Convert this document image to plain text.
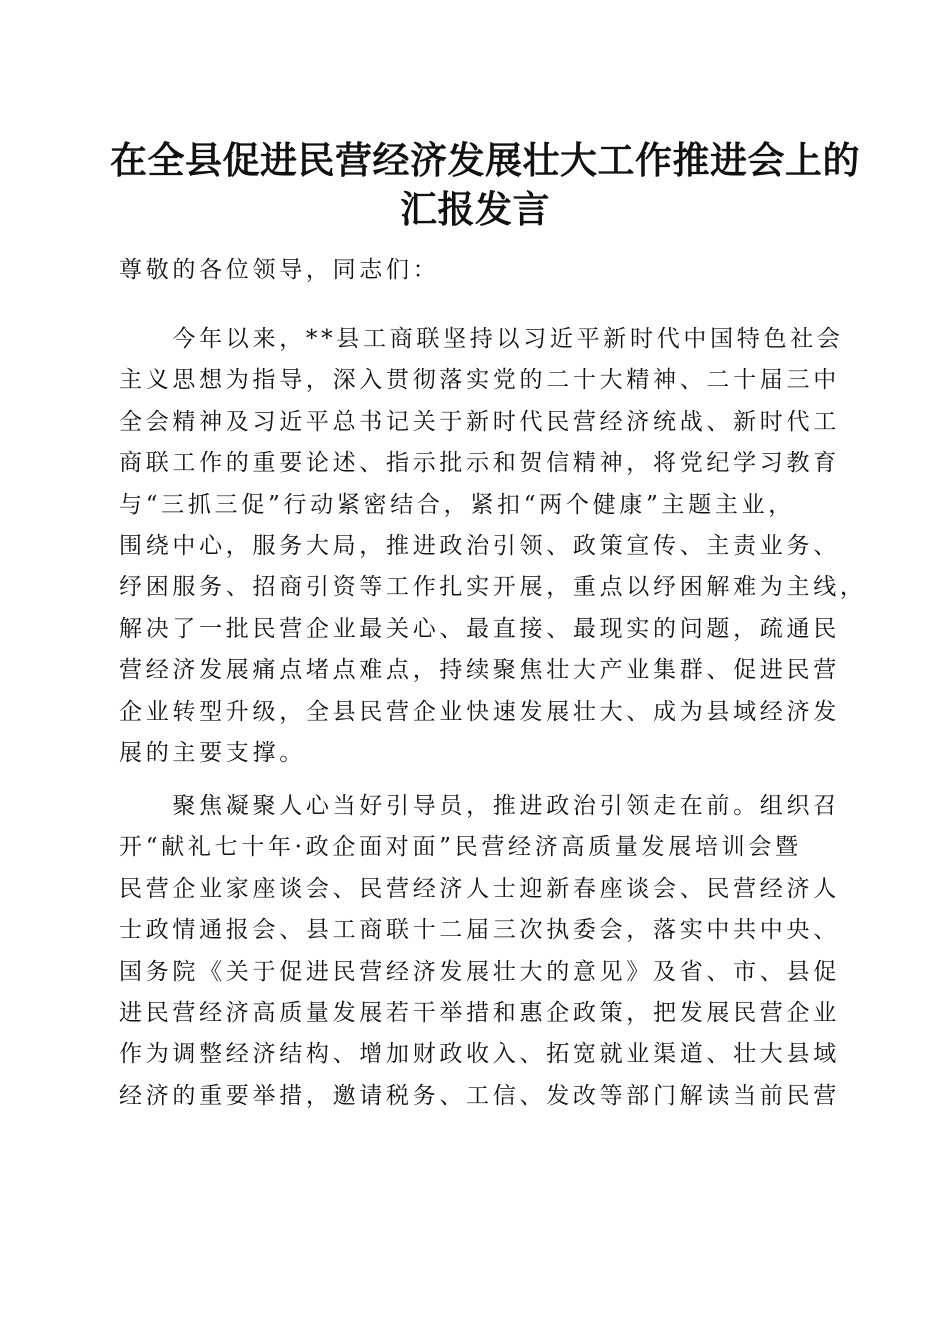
在全县促进民营经济发展壮大工作推进会上的
汇报发言
尊敬的各位领导，同志们：
　　今年以来，**县工商联坚持以习近平新时代中国特色社会
主义思想为指导，深入贯彻落实党的二十大精神、二十届三中
全会精神及习近平总书记关于新时代民营经济统战、新时代工
商联工作的重要论述、指示批示和贺信精神，将党纪学习教育
与“三抓三促”行动紧密结合，紧扣“两个健康”主题主业，
围绕中心，服务大局，推进政治引领、政策宣传、主责业务、
纾困服务、招商引资等工作扎实开展，重点以纾困解难为主线，
解决了一批民营企业最关心、最直接、最现实的问题，疏通民
营经济发展痛点堵点难点，持续聚焦壮大产业集群、促进民营
企业转型升级，全县民营企业快速发展壮大、成为县域经济发
展的主要支撑。
　　聚焦凝聚人心当好引导员，推进政治引领走在前。组织召
开“献礼七十年·政企面对面”民营经济高质量发展培训会暨
民营企业家座谈会、民营经济人士迎新春座谈会、民营经济人
士政情通报会、县工商联十二届三次执委会，落实中共中央、
国务院《关于促进民营经济发展壮大的意见》及省、市、县促
进民营经济高质量发展若干举措和惠企政策，把发展民营企业
作为调整经济结构、增加财政收入、拓宽就业渠道、壮大县域
经济的重要举措，邀请税务、工信、发改等部门解读当前民营
